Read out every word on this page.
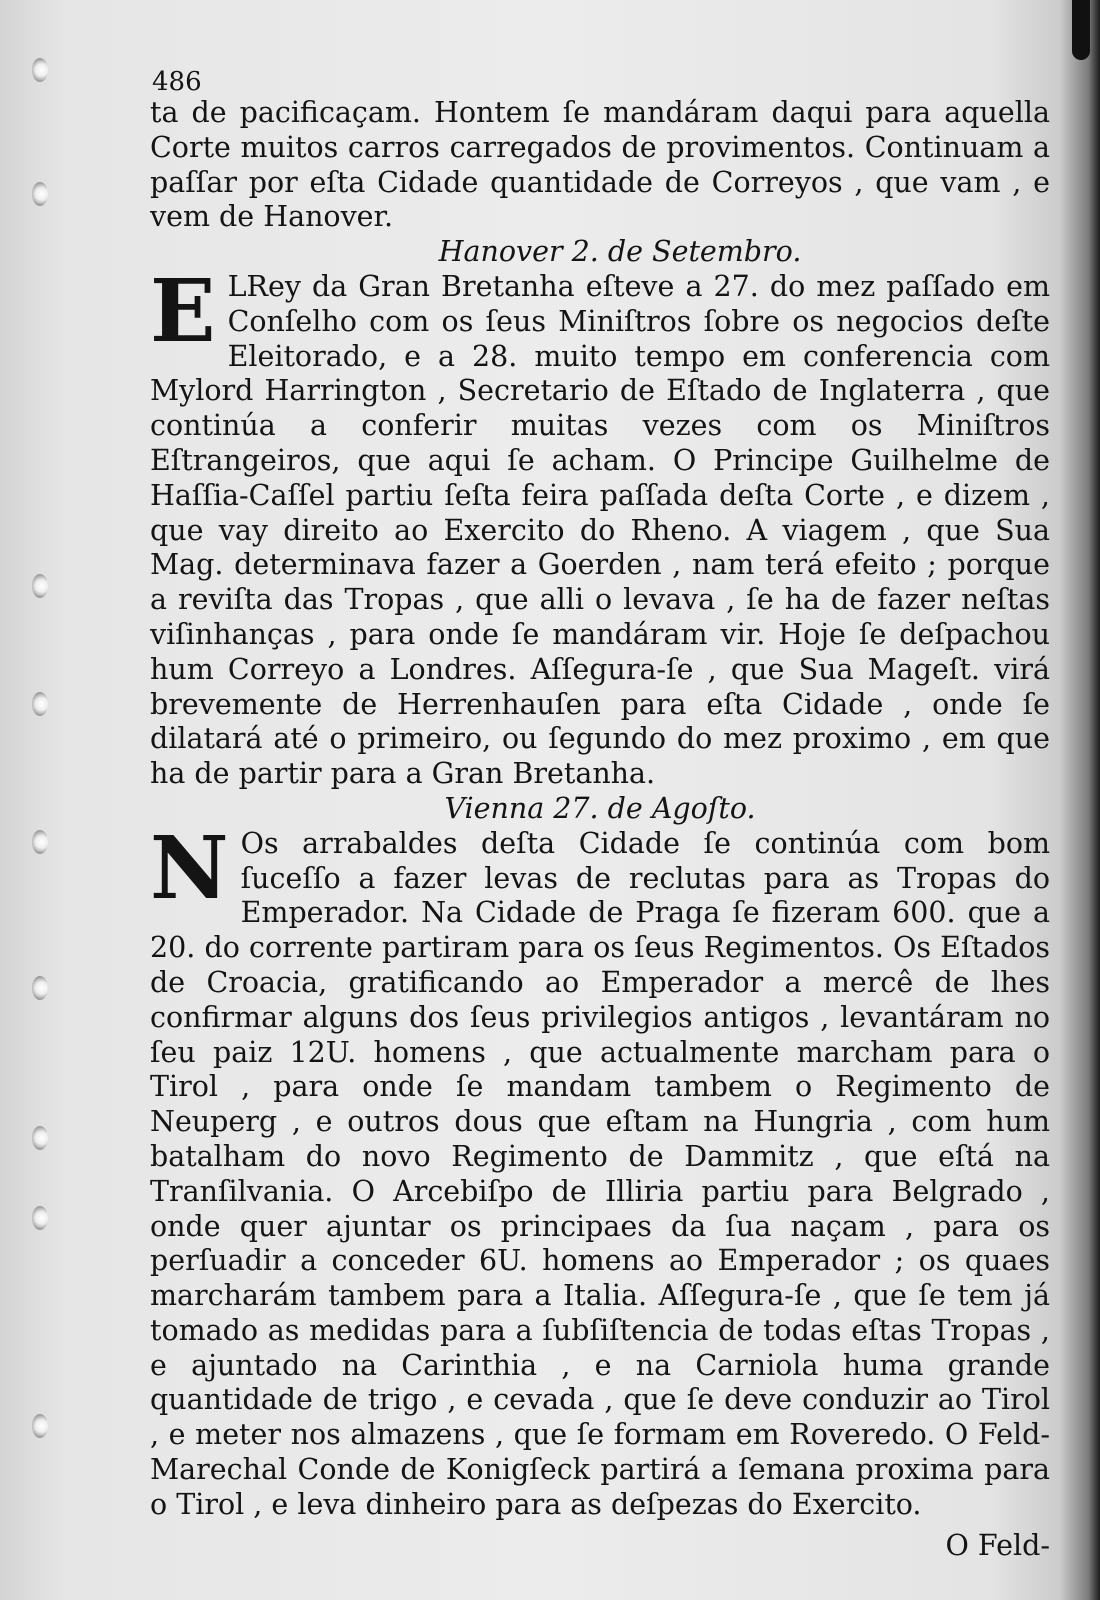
486

ta de pacificaçam. Hontem ſe mandáram daqui para aquella Corte muitos carros carregados de provimentos. Continuam a paſſar por eſta Cidade quantidade de Correyos , que vam , e vem de Hanover.

Hanover 2. de Setembro.

E LRey da Gran Bretanha eſteve a 27. do mez paſſado em Conſelho com os ſeus Miniſtros ſobre os negocios deſte Eleitorado, e a 28. muito tempo em conferencia com Mylord Harrington , Secretario de Eſtado de Inglaterra , que continúa a conferir muitas vezes com os Miniſtros Eſtrangeiros, que aqui ſe acham. O Principe Guilhelme de Haſſia-Caſſel partiu ſeſta feira paſſada deſta Corte , e dizem , que vay direito ao Exercito do Rheno. A viagem , que Sua Mag. determinava fazer a Goerden , nam terá efeito ; porque a reviſta das Tropas , que alli o levava , ſe ha de fazer neſtas viſinhanças , para onde ſe mandáram vir. Hoje ſe deſpachou hum Correyo a Londres. Aſſegura-ſe , que Sua Mageſt. virá brevemente de Herrenhauſen para eſta Cidade , onde ſe dilatará até o primeiro, ou ſegundo do mez proximo , em que ha de partir para a Gran Bretanha.

Vienna 27. de Agoſto.

N Os arrabaldes deſta Cidade ſe continúa com bom ſuceſſo a fazer levas de reclutas para as Tropas do Emperador. Na Cidade de Praga ſe fizeram 600. que a 20. do corrente partiram para os ſeus Regimentos. Os Eſtados de Croacia, gratificando ao Emperador a mercê de lhes confirmar alguns dos ſeus privilegios antigos , levantáram no ſeu paiz 12U. homens , que actualmente marcham para o Tirol , para onde ſe mandam tambem o Regimento de Neuperg , e outros dous que eſtam na Hungria , com hum batalham do novo Regimento de Dammitz , que eſtá na Tranſilvania. O Arcebiſpo de Illiria partiu para Belgrado , onde quer ajuntar os principaes da ſua naçam , para os perſuadir a conceder 6U. homens ao Emperador ; os quaes marcharám tambem para a Italia. Aſſegura-ſe , que ſe tem já tomado as medidas para a ſubſiſtencia de todas eſtas Tropas , e ajuntado na Carinthia , e na Carniola huma grande quantidade de trigo , e cevada , que ſe deve conduzir ao Tirol , e meter nos almazens , que ſe formam em Roveredo. O Feld-Marechal Conde de Konigſeck partirá a ſemana proxima para o Tirol , e leva dinheiro para as deſpezas do Exercito.

O Feld-
